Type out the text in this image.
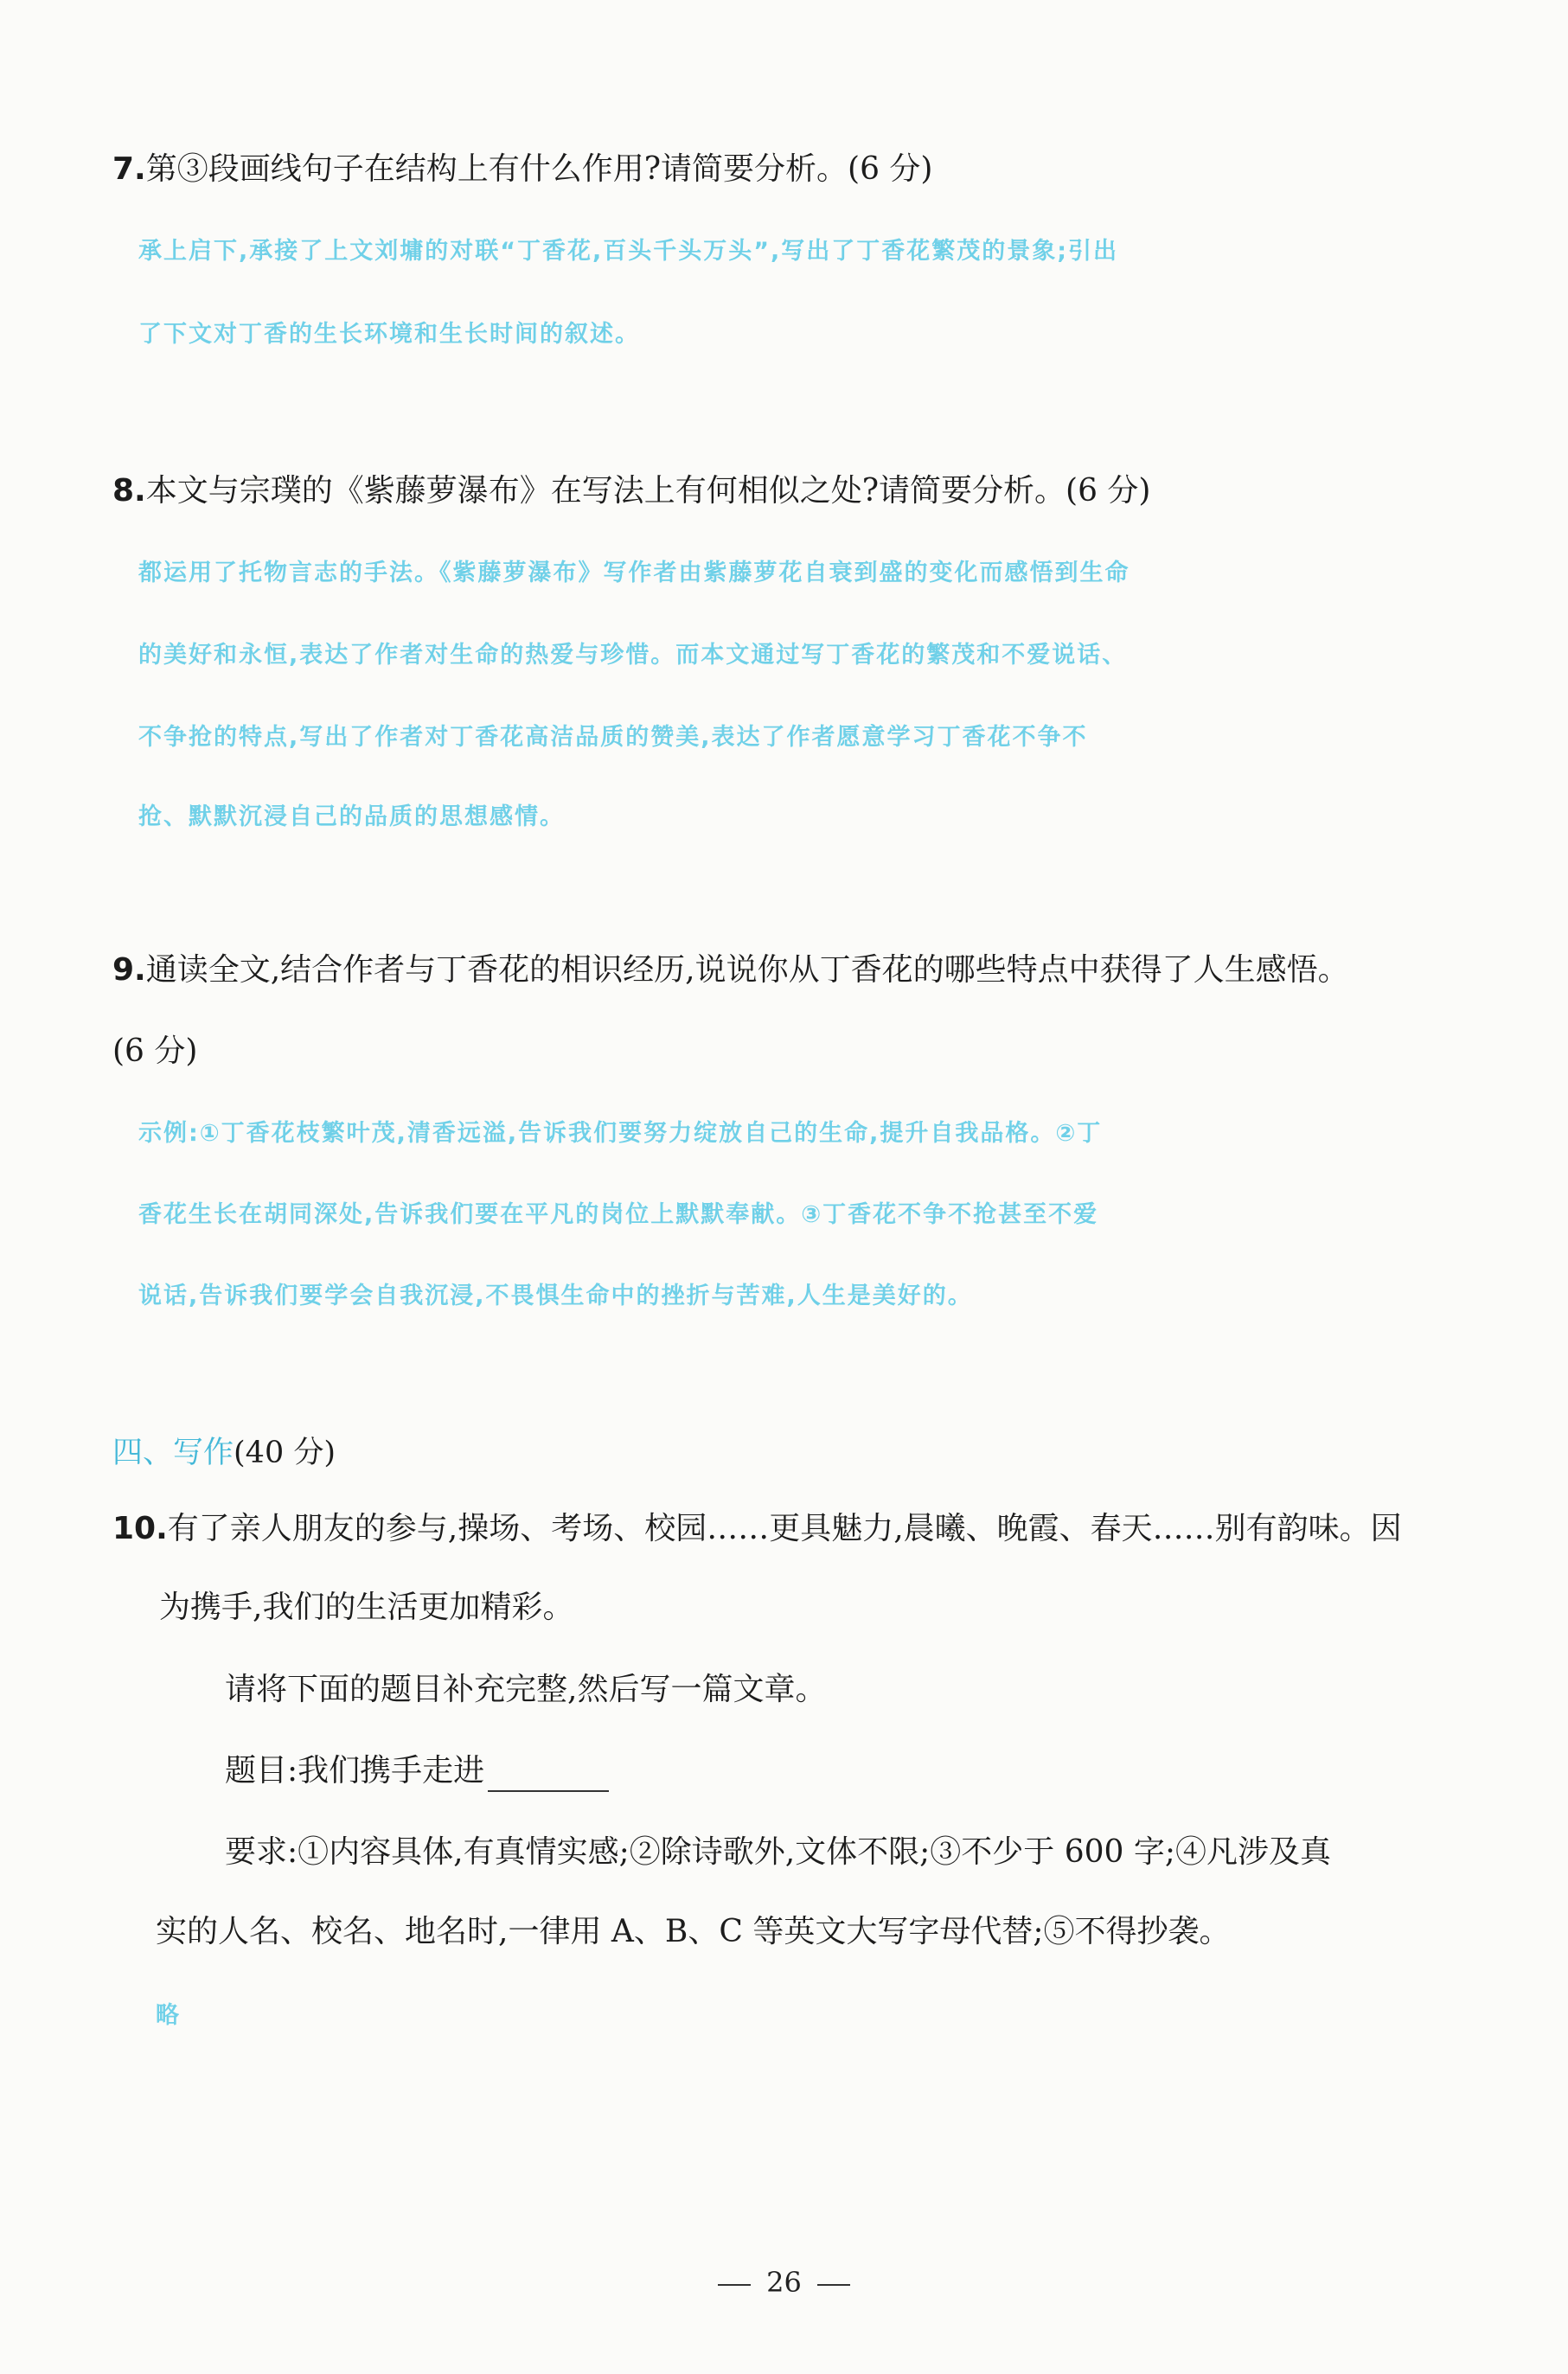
7.第③段画线句子在结构上有什么作用?请简要分析。(6 分)
承上启下,承接了上文刘墉的对联“丁香花,百头千头万头”,写出了丁香花繁茂的景象;引出
了下文对丁香的生长环境和生长时间的叙述。
8.本文与宗璞的《紫藤萝瀑布》在写法上有何相似之处?请简要分析。(6 分)
都运用了托物言志的手法。《紫藤萝瀑布》写作者由紫藤萝花自衰到盛的变化而感悟到生命
的美好和永恒,表达了作者对生命的热爱与珍惜。而本文通过写丁香花的繁茂和不爱说话、
不争抢的特点,写出了作者对丁香花高洁品质的赞美,表达了作者愿意学习丁香花不争不
抢、默默沉浸自己的品质的思想感情。
9.通读全文,结合作者与丁香花的相识经历,说说你从丁香花的哪些特点中获得了人生感悟。
(6 分)
示例:①丁香花枝繁叶茂,清香远溢,告诉我们要努力绽放自己的生命,提升自我品格。②丁
香花生长在胡同深处,告诉我们要在平凡的岗位上默默奉献。③丁香花不争不抢甚至不爱
说话,告诉我们要学会自我沉浸,不畏惧生命中的挫折与苦难,人生是美好的。
四、写作(40 分)
10.有了亲人朋友的参与,操场、考场、校园……更具魅力,晨曦、晚霞、春天……别有韵味。因
为携手,我们的生活更加精彩。
请将下面的题目补充完整,然后写一篇文章。
题目:我们携手走进
要求:①内容具体,有真情实感;②除诗歌外,文体不限;③不少于 600 字;④凡涉及真
实的人名、校名、地名时,一律用 A、B、C 等英文大写字母代替;⑤不得抄袭。
略
26
